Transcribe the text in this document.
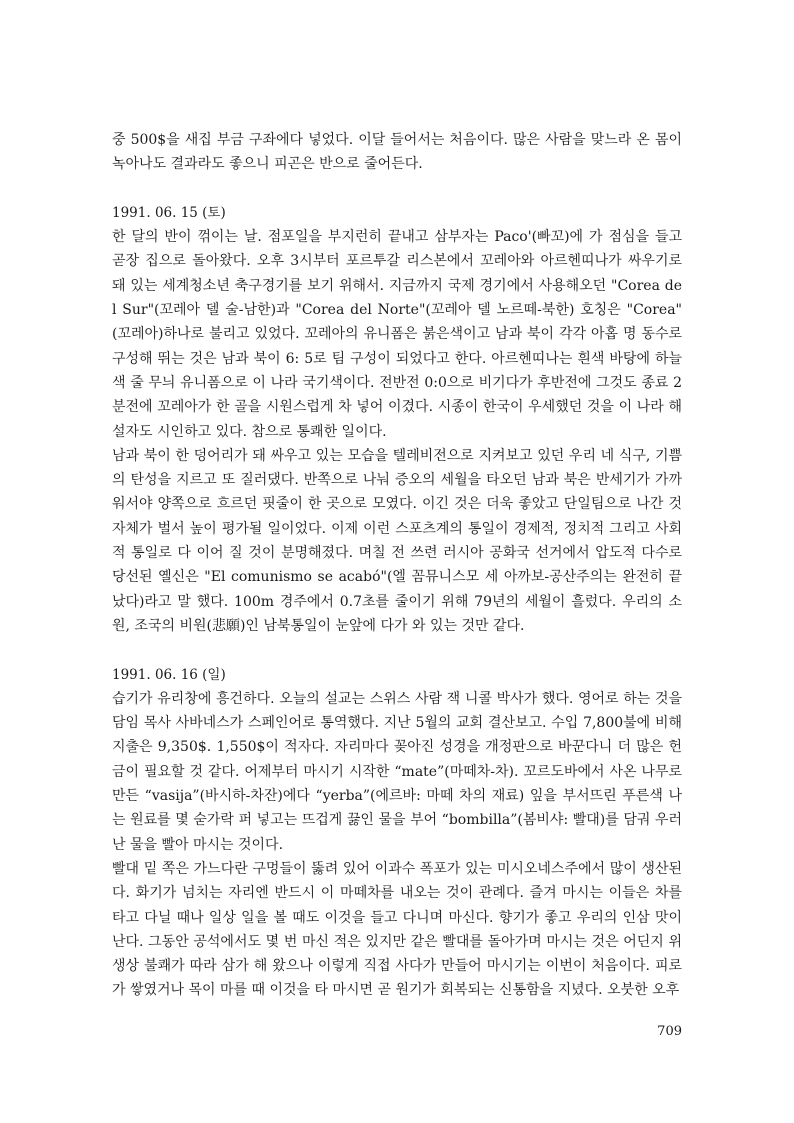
중 500$을 새집 부금 구좌에다 넣었다. 이달 들어서는 처음이다. 많은 사람을 맞느라 온 몸이 녹아나도 결과라도 좋으니 피곤은 반으로 줄어든다.

1991. 06. 15 (토)

한 달의 반이 꺾이는 날. 점포일을 부지런히 끝내고 삼부자는 Paco'(빠꼬)에 가 점심을 들고 곧장 집으로 돌아왔다. 오후 3시부터 포르투갈 리스본에서 꼬레아와 아르헨띠나가 싸우기로 돼 있는 세계청소년 축구경기를 보기 위해서. 지금까지 국제 경기에서 사용해오던 "Corea del Sur"(꼬레아 델 술-남한)과 "Corea del Norte"(꼬레아 델 노르떼-북한) 호칭은 "Corea"(꼬레아)하나로 불리고 있었다. 꼬레아의 유니폼은 붉은색이고 남과 북이 각각 아홉 명 동수로 구성해 뛰는 것은 남과 북이 6: 5로 팀 구성이 되었다고 한다. 아르헨띠나는 흰색 바탕에 하늘색 줄 무늬 유니폼으로 이 나라 국기색이다. 전반전 0:0으로 비기다가 후반전에 그것도 종료 2분전에 꼬레아가 한 골을 시원스럽게 차 넣어 이겼다. 시종이 한국이 우세했던 것을 이 나라 해설자도 시인하고 있다. 참으로 통쾌한 일이다.

남과 북이 한 덩어리가 돼 싸우고 있는 모습을 텔레비전으로 지켜보고 있던 우리 네 식구, 기쁨의 탄성을 지르고 또 질러댔다. 반쪽으로 나눠 증오의 세월을 타오던 남과 북은 반세기가 가까워서야 양쪽으로 흐르던 핏줄이 한 곳으로 모였다. 이긴 것은 더욱 좋았고 단일팀으로 나간 것 자체가 벌서 높이 평가될 일이었다. 이제 이런 스포츠계의 통일이 경제적, 정치적 그리고 사회적 통일로 다 이어 질 것이 분명해졌다. 며칠 전 쓰련 러시아 공화국 선거에서 압도적 다수로 당선된 옐신은 "El comunismo se acabó"(엘 꼼뮤니스모 세 아까보-공산주의는 완전히 끝났다)라고 말 했다. 100m 경주에서 0.7초를 줄이기 위해 79년의 세월이 흘렀다. 우리의 소원, 조국의 비원(悲願)인 남북통일이 눈앞에 다가 와 있는 것만 같다.

1991. 06. 16 (일)

습기가 유리창에 흥건하다. 오늘의 설교는 스위스 사람 잭 니콜 박사가 했다. 영어로 하는 것을 담임 목사 사바네스가 스페인어로 통역했다. 지난 5월의 교회 결산보고. 수입 7,800불에 비해 지출은 9,350$. 1,550$이 적자다. 자리마다 꽂아진 성경을 개정판으로 바꾼다니 더 많은 헌금이 필요할 것 같다. 어제부터 마시기 시작한 “mate”(마떼차-차). 꼬르도바에서 사온 나무로 만든 “vasija”(바시하-차잔)에다 “yerba”(에르바: 마떼 차의 재료) 잎을 부서뜨린 푸른색 나는 원료를 몇 숟가락 퍼 넣고는 뜨겁게 끓인 물을 부어 “bombilla”(봄비샤: 빨대)를 담궈 우러난 물을 빨아 마시는 것이다.

빨대 밑 쪽은 가느다란 구멍들이 뚫려 있어 이과수 폭포가 있는 미시오네스주에서 많이 생산된다. 화기가 넘치는 자리엔 반드시 이 마떼차를 내오는 것이 관례다. 즐겨 마시는 이들은 차를 타고 다닐 때나 일상 일을 볼 때도 이것을 들고 다니며 마신다. 향기가 좋고 우리의 인삼 맛이 난다. 그동안 공석에서도 몇 번 마신 적은 있지만 같은 빨대를 돌아가며 마시는 것은 어딘지 위생상 불쾌가 따라 삼가 해 왔으나 이렇게 직접 사다가 만들어 마시기는 이번이 처음이다. 피로가 쌓였거나 목이 마를 때 이것을 타 마시면 곧 원기가 회복되는 신통함을 지녔다. 오붓한 오후

709
